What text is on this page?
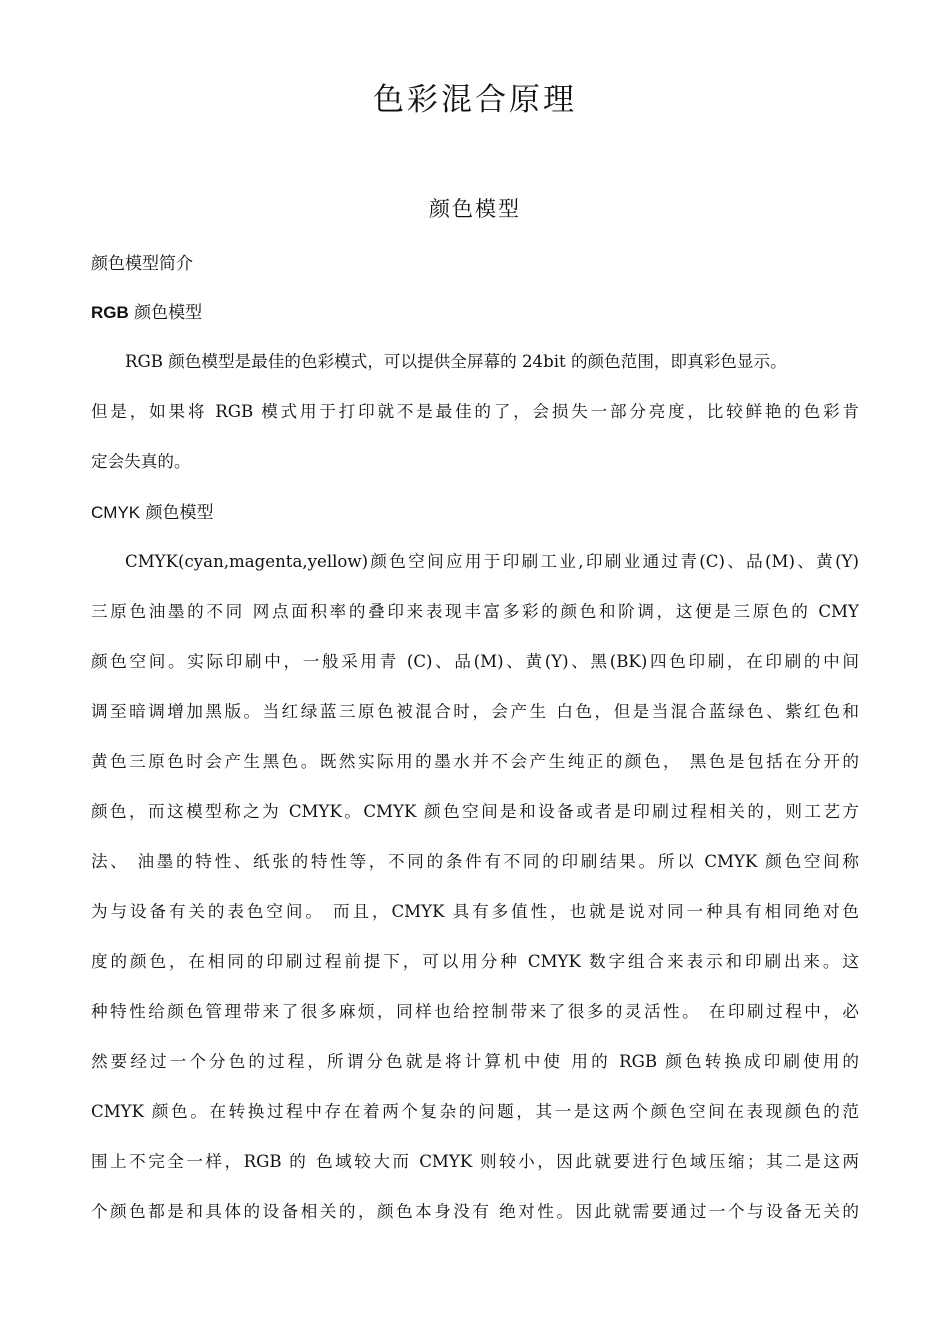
色彩混合原理
颜色模型

颜色模型简介

RGB 颜色模型

RGB 颜色模型是最佳的色彩模式，可以提供全屏幕的 24bit 的颜色范围，即真彩色显示。
但是，如果将 RGB 模式用于打印就不是最佳的了，会损失一部分亮度，比较鲜艳的色彩肯
定会失真的。

CMYK 颜色模型

CMYK(cyan,magenta,yellow)颜色空间应用于印刷工业,印刷业通过青(C)、品(M)、黄(Y)
三原色油墨的不同 网点面积率的叠印来表现丰富多彩的颜色和阶调，这便是三原色的 CMY
颜色空间。实际印刷中，一般采用青 (C)、品(M)、黄(Y)、黑(BK)四色印刷，在印刷的中间
调至暗调增加黑版。当红绿蓝三原色被混合时，会产生 白色，但是当混合蓝绿色、紫红色和
黄色三原色时会产生黑色。既然实际用的墨水并不会产生纯正的颜色， 黑色是包括在分开的
颜色，而这模型称之为 CMYK。CMYK 颜色空间是和设备或者是印刷过程相关的，则工艺方
法、 油墨的特性、纸张的特性等，不同的条件有不同的印刷结果。所以 CMYK 颜色空间称
为与设备有关的表色空间。 而且，CMYK 具有多值性，也就是说对同一种具有相同绝对色
度的颜色，在相同的印刷过程前提下，可以用分种 CMYK 数字组合来表示和印刷出来。这
种特性给颜色管理带来了很多麻烦，同样也给控制带来了很多的灵活性。 在印刷过程中，必
然要经过一个分色的过程，所谓分色就是将计算机中使 用的 RGB 颜色转换成印刷使用的
CMYK 颜色。在转换过程中存在着两个复杂的问题，其一是这两个颜色空间在表现颜色的范
围上不完全一样，RGB 的 色域较大而 CMYK 则较小，因此就要进行色域压缩；其二是这两
个颜色都是和具体的设备相关的，颜色本身没有 绝对性。因此就需要通过一个与设备无关的
